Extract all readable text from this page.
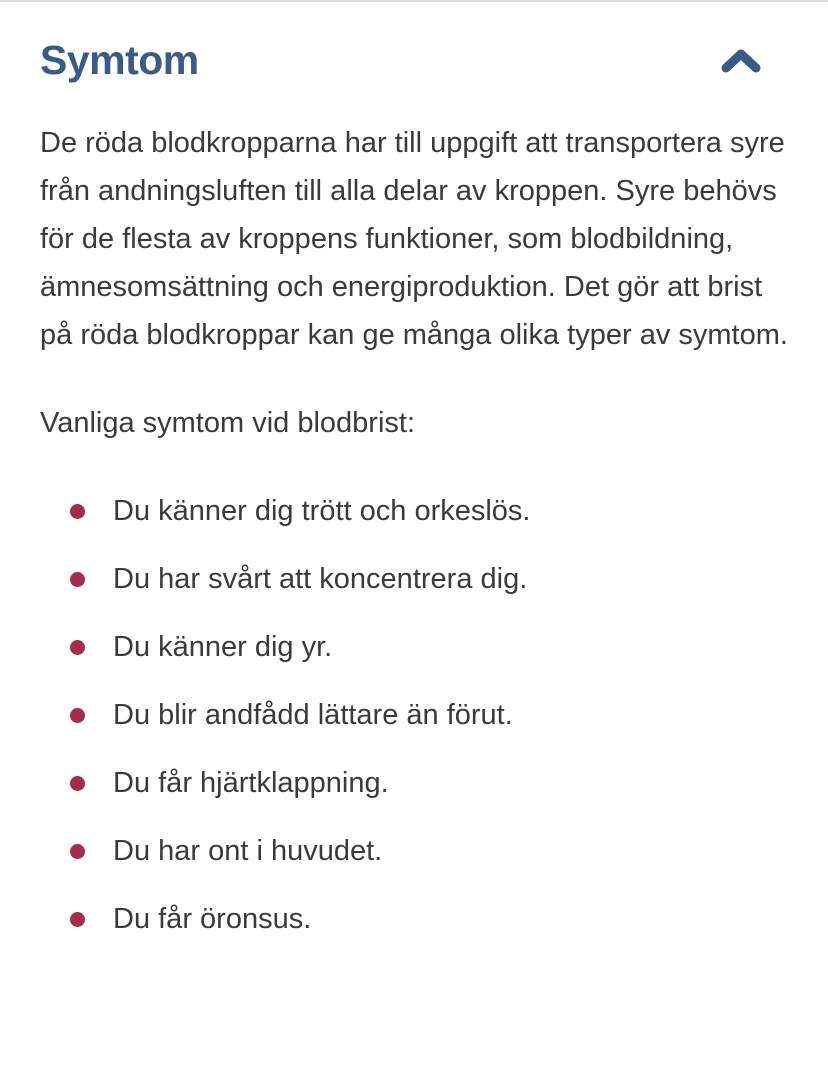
Symtom

De röda blodkropparna har till uppgift att transportera syre från andningsluften till alla delar av kroppen. Syre behövs för de flesta av kroppens funktioner, som blodbildning, ämnesomsättning och energiproduktion. Det gör att brist på röda blodkroppar kan ge många olika typer av symtom.

Vanliga symtom vid blodbrist:

Du känner dig trött och orkeslös.
Du har svårt att koncentrera dig.
Du känner dig yr.
Du blir andfådd lättare än förut.
Du får hjärtklappning.
Du har ont i huvudet.
Du får öronsus.
